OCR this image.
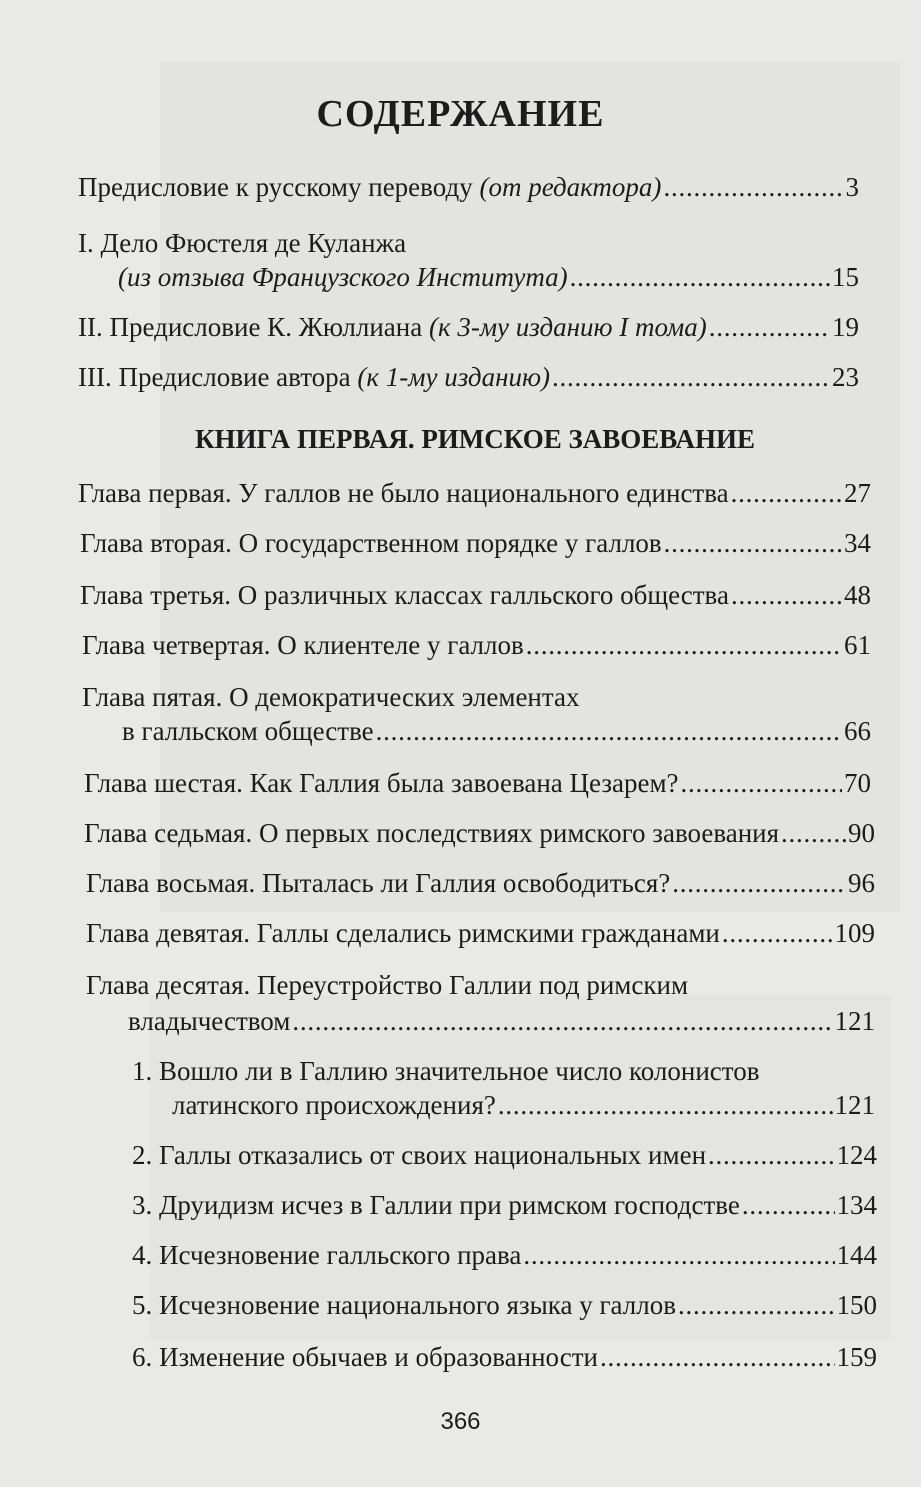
СОДЕРЖАНИЕ
Предисловие к русскому переводу (от редактора) . . .	3
I. Дело Фюстеля де Куланжа
(из отзыва Французского Института) . . .	15
II. Предисловие К. Жюллиана (к 3-му изданию I тома) . . .	19
III. Предисловие автора (к 1-му изданию) . . .	23
КНИГА ПЕРВАЯ. РИМСКОЕ ЗАВОЕВАНИЕ
Глава первая. У галлов не было национального единства . . .	27
Глава вторая. О государственном порядке у галлов . . .	34
Глава третья. О различных классах галльского общества . . .	48
Глава четвертая. О клиентеле у галлов . . .	61
Глава пятая. О демократических элементах
в галльском обществе . . .	66
Глава шестая. Как Галлия была завоевана Цезарем? . . .	70
Глава седьмая. О первых последствиях римского завоевания . . .	90
Глава восьмая. Пыталась ли Галлия освободиться? . . .	96
Глава девятая. Галлы сделались римскими гражданами . . .	109
Глава десятая. Переустройство Галлии под римским
владычеством . . .	121
1. Вошло ли в Галлию значительное число колонистов
латинского происхождения? . . .	121
2. Галлы отказались от своих национальных имен . . .	124
3. Друидизм исчез в Галлии при римском господстве . . .	134
4. Исчезновение галльского права . . .	144
5. Исчезновение национального языка у галлов . . .	150
6. Изменение обычаев и образованности . . .	159
366
